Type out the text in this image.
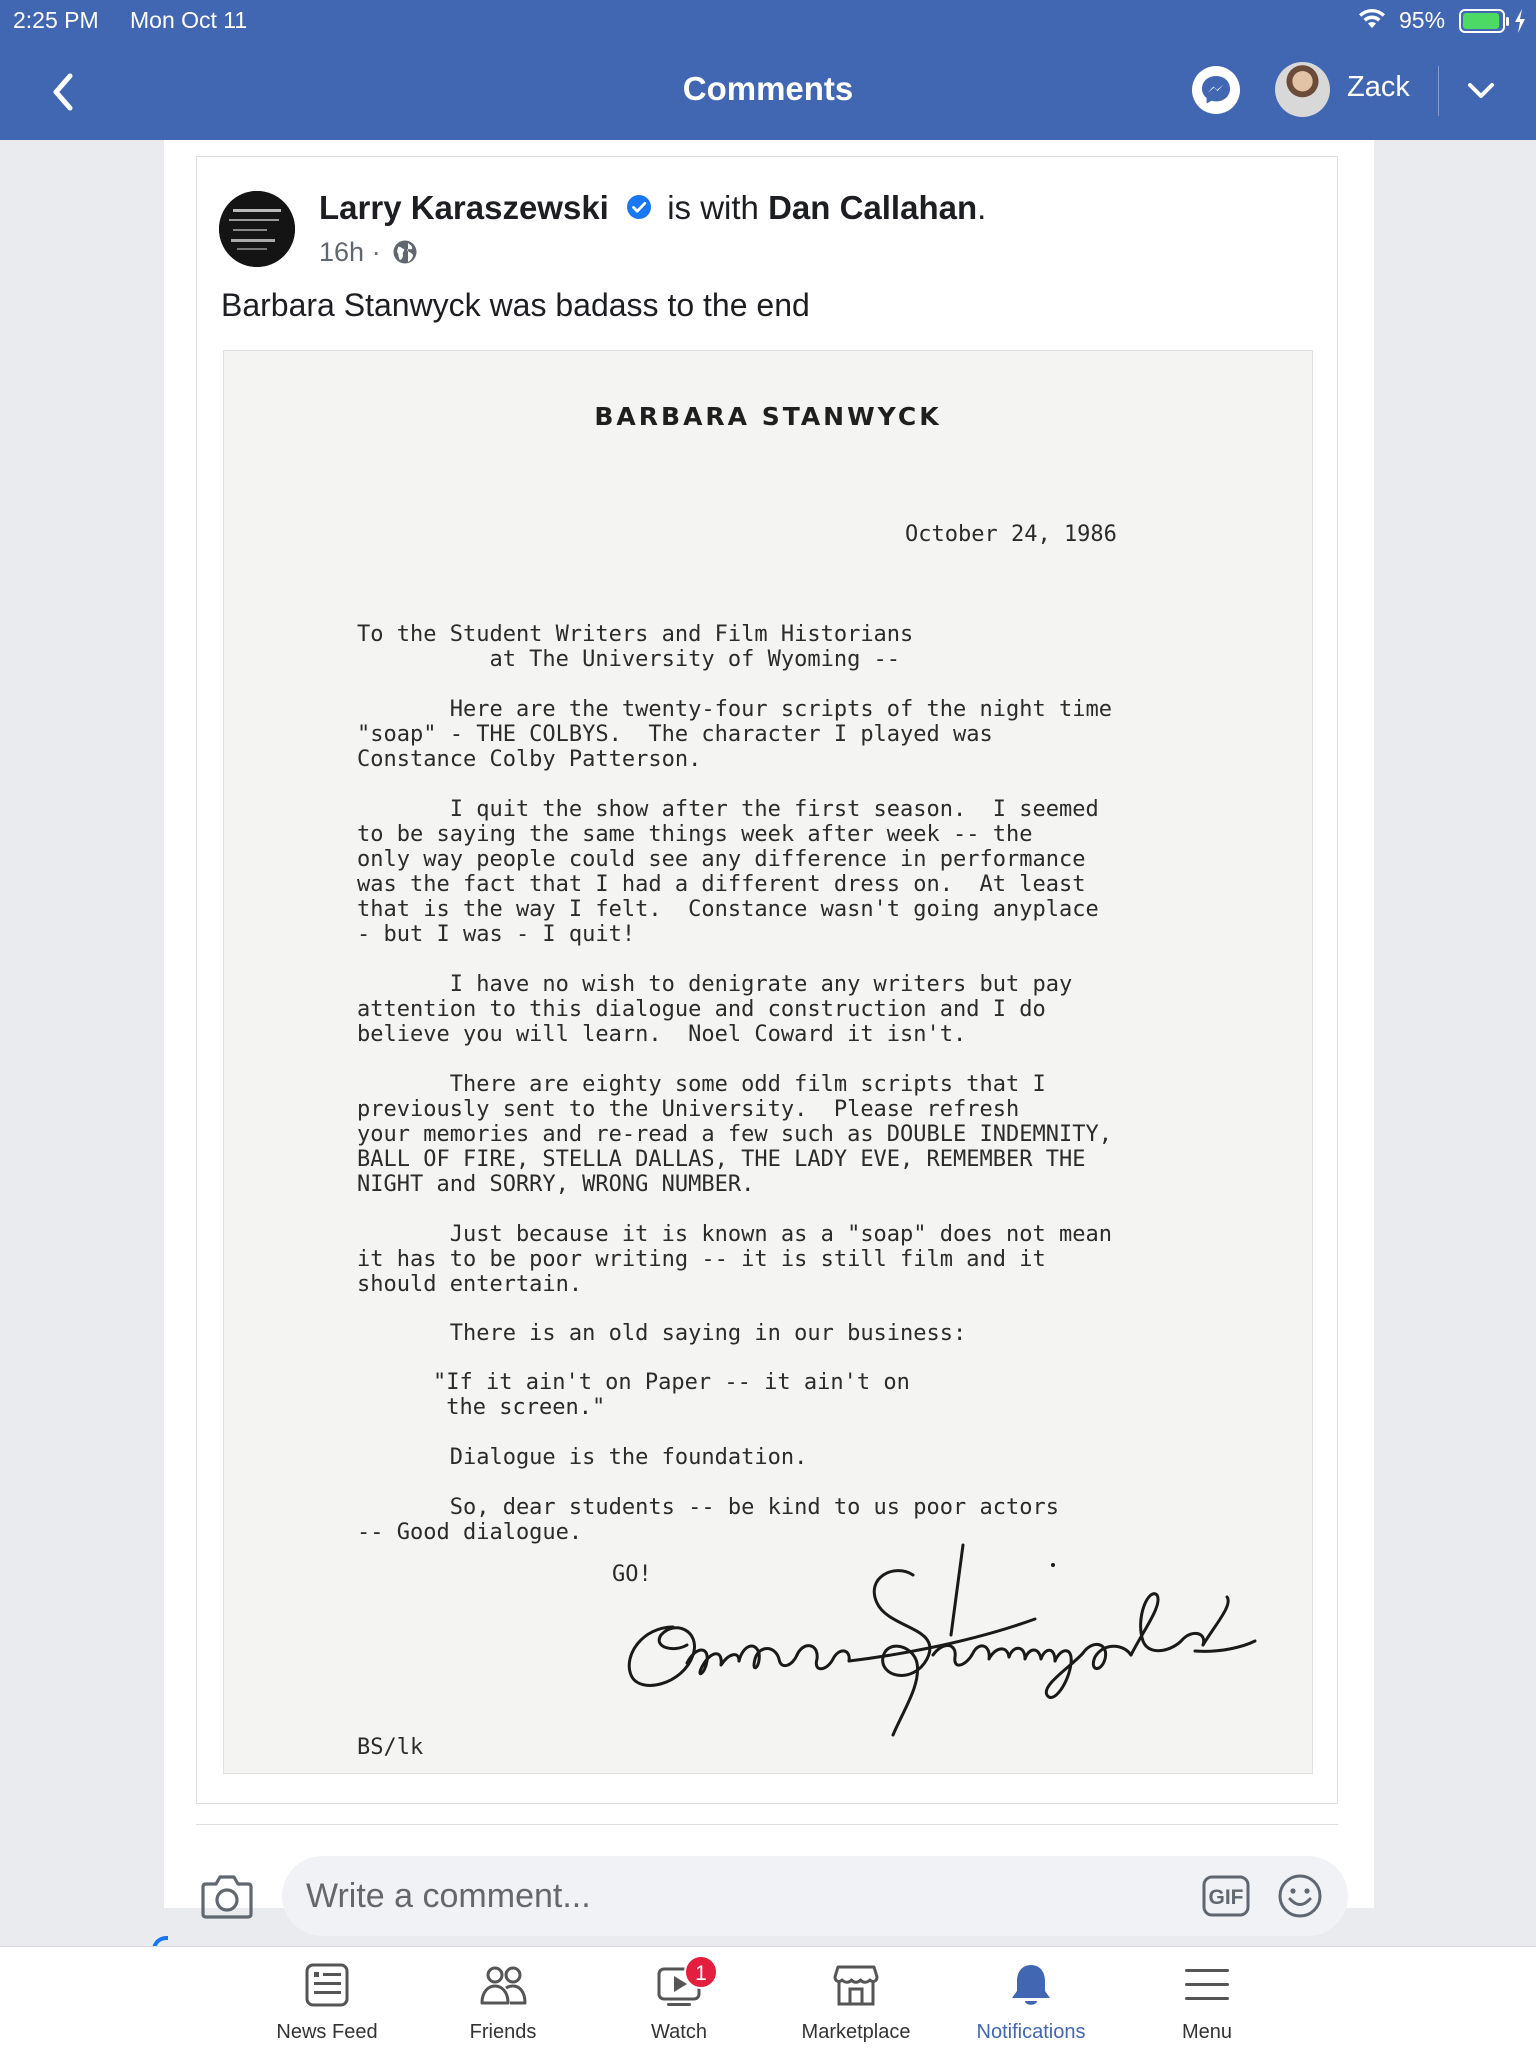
2:25 PM Mon Oct 11	95%
Comments	Zack
Larry Karaszewski is with Dan Callahan.
16h ·
Barbara Stanwyck was badass to the end
BARBARA STANWYCK
October 24, 1986
To the Student Writers and Film Historians
at The University of Wyoming --
Here are the twenty-four scripts of the night time
"soap" - THE COLBYS.  The character I played was
Constance Colby Patterson.
I quit the show after the first season.  I seemed
to be saying the same things week after week -- the
only way people could see any difference in performance
was the fact that I had a different dress on.  At least
that is the way I felt.  Constance wasn't going anyplace
- but I was - I quit!
I have no wish to denigrate any writers but pay
attention to this dialogue and construction and I do
believe you will learn.  Noel Coward it isn't.
There are eighty some odd film scripts that I
previously sent to the University.  Please refresh
your memories and re-read a few such as DOUBLE INDEMNITY,
BALL OF FIRE, STELLA DALLAS, THE LADY EVE, REMEMBER THE
NIGHT and SORRY, WRONG NUMBER.
Just because it is known as a "soap" does not mean
it has to be poor writing -- it is still film and it
should entertain.
There is an old saying in our business:
"If it ain't on Paper -- it ain't on
the screen."
Dialogue is the foundation.
So, dear students -- be kind to us poor actors
-- Good dialogue.
GO!
BS/lk
Write a comment...
GIF
News Feed	Friends
1
Watch	Marketplace	Notifications	Menu
